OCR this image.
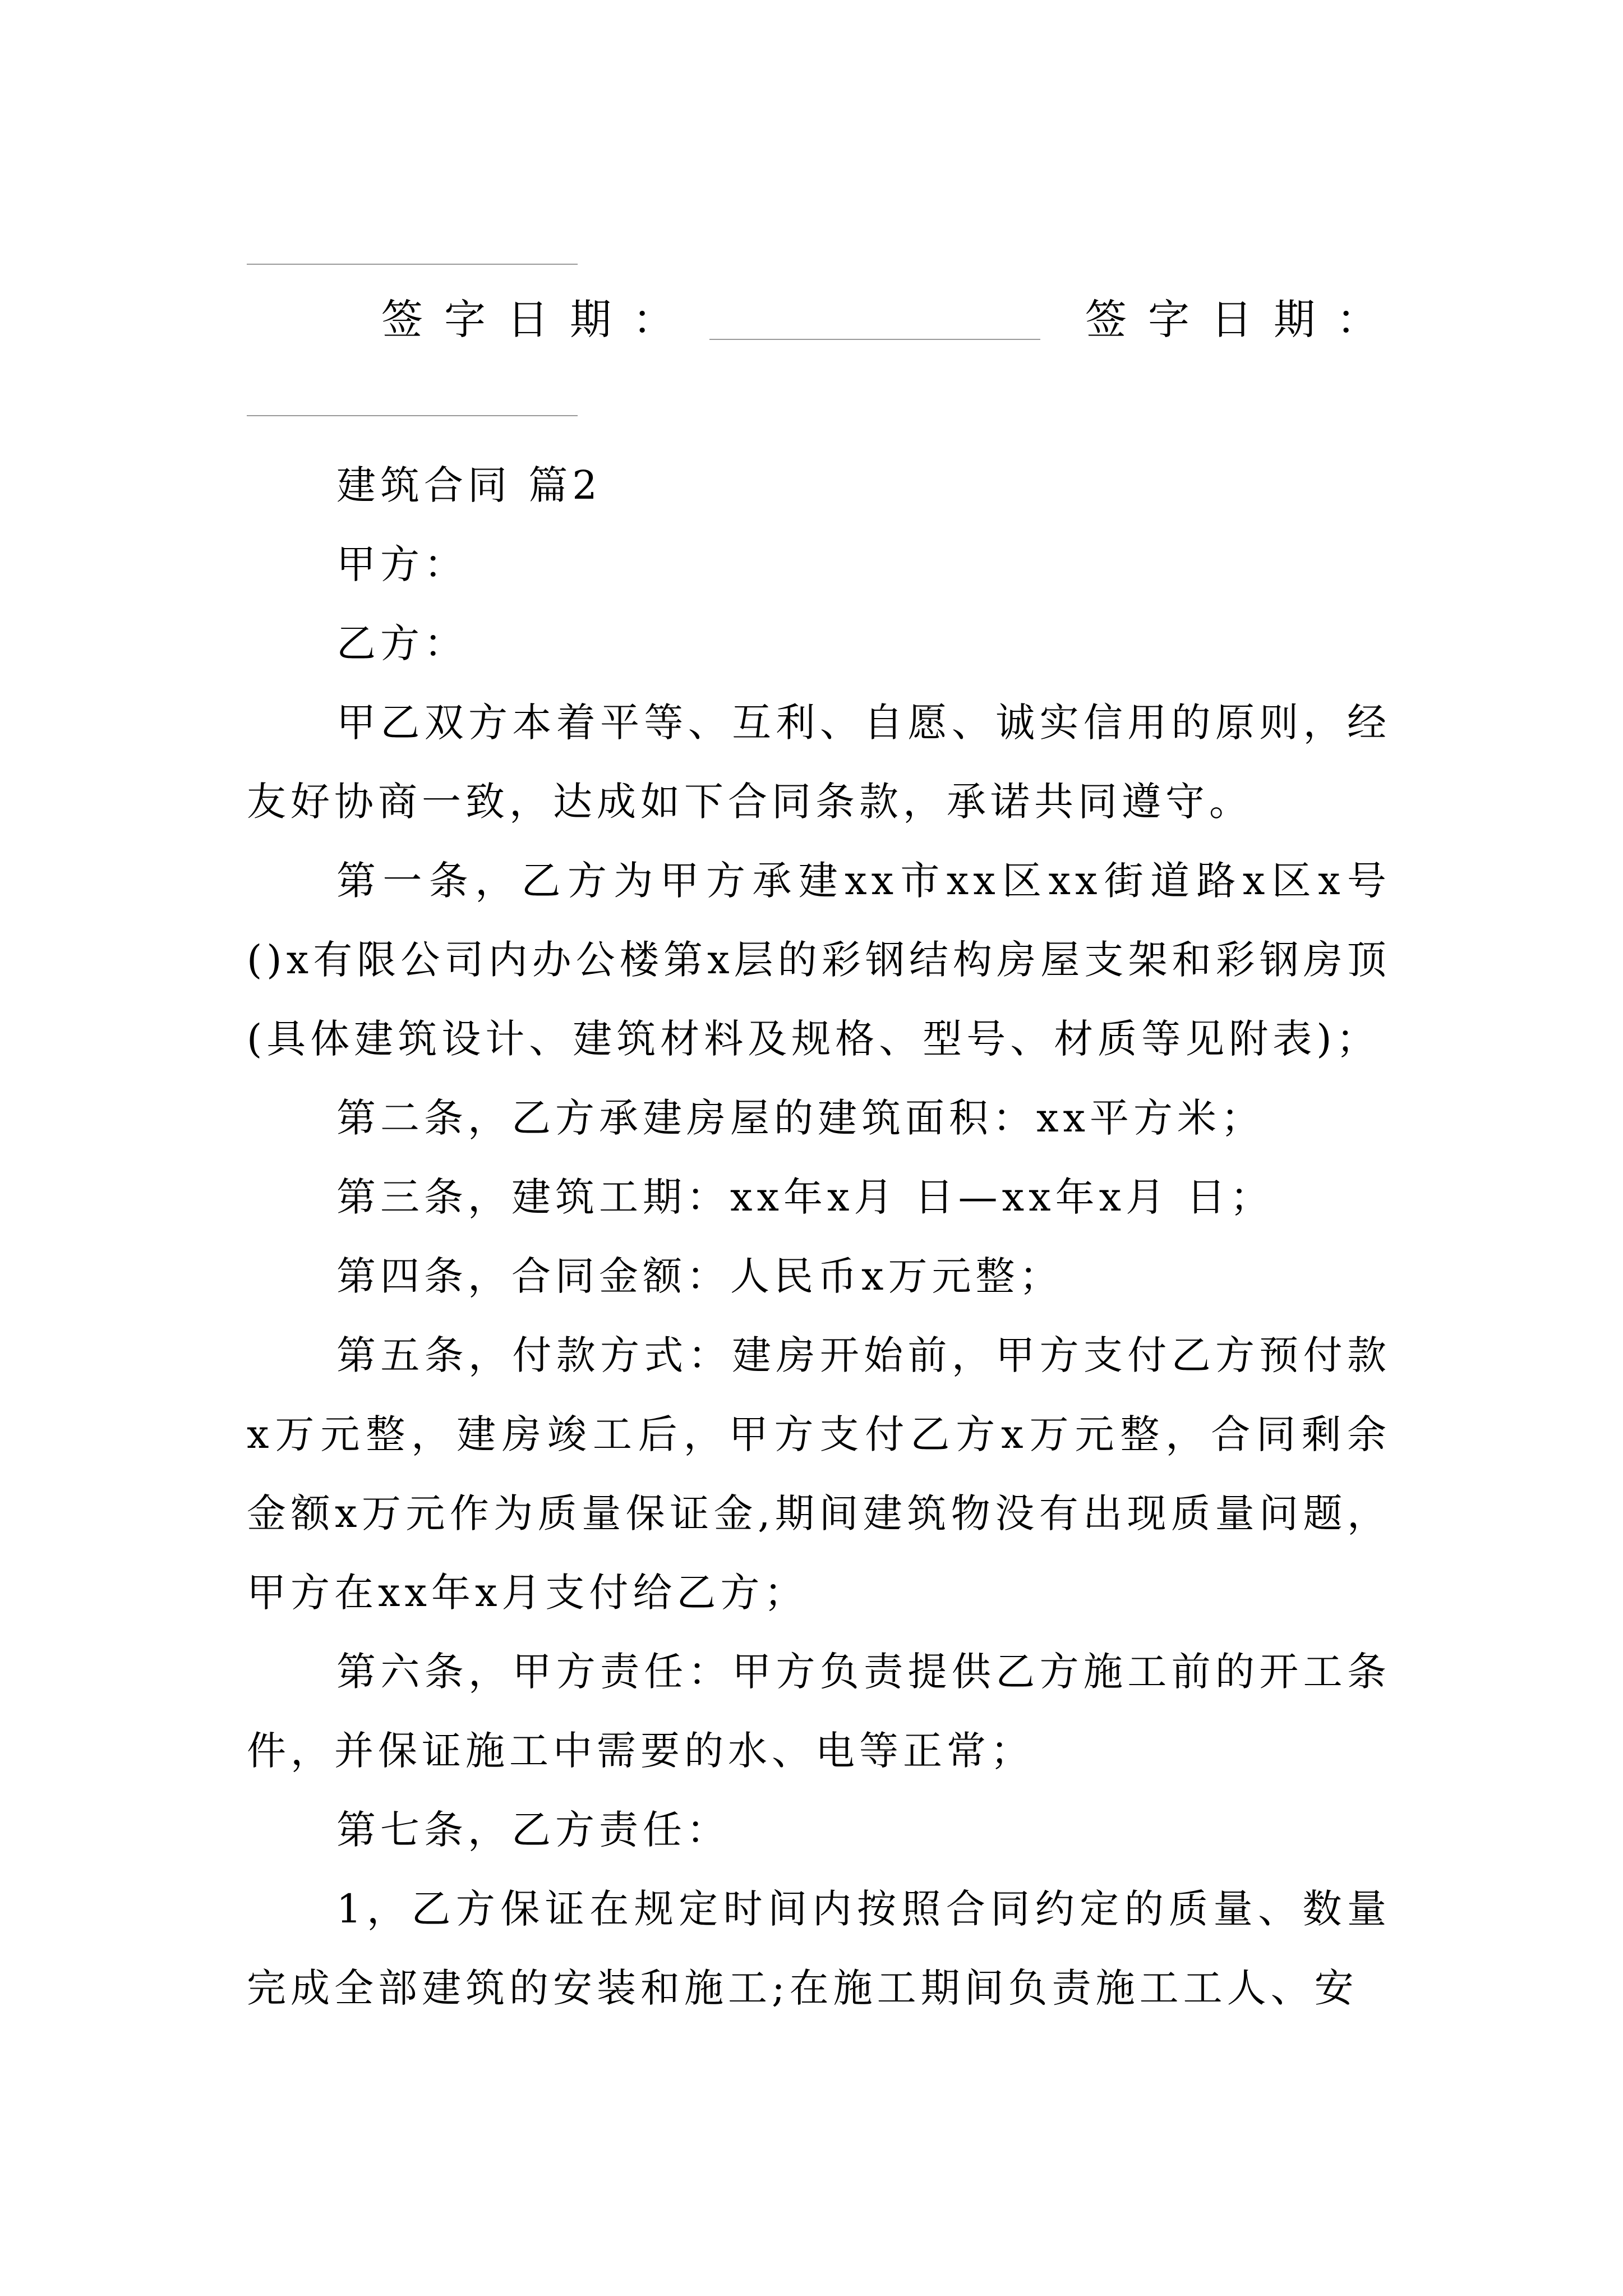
签字日期：	签字日期：

建筑合同 篇2

甲方：

乙方：

甲乙双方本着平等、互利、自愿、诚实信用的原则，经友好协商一致，达成如下合同条款，承诺共同遵守。

第一条，乙方为甲方承建xx市xx区xx街道路x区x号()x有限公司内办公楼第x层的彩钢结构房屋支架和彩钢房顶(具体建筑设计、建筑材料及规格、型号、材质等见附表)；

第二条，乙方承建房屋的建筑面积：xx平方米；

第三条，建筑工期：xx年x月 日—xx年x月 日；

第四条，合同金额：人民币x万元整；

第五条，付款方式：建房开始前，甲方支付乙方预付款x万元整，建房竣工后，甲方支付乙方x万元整，合同剩余金额x万元作为质量保证金,期间建筑物没有出现质量问题，甲方在xx年x月支付给乙方；

第六条，甲方责任：甲方负责提供乙方施工前的开工条件，并保证施工中需要的水、电等正常；

第七条，乙方责任：

1，乙方保证在规定时间内按照合同约定的质量、数量完成全部建筑的安装和施工;在施工期间负责施工工人、安
